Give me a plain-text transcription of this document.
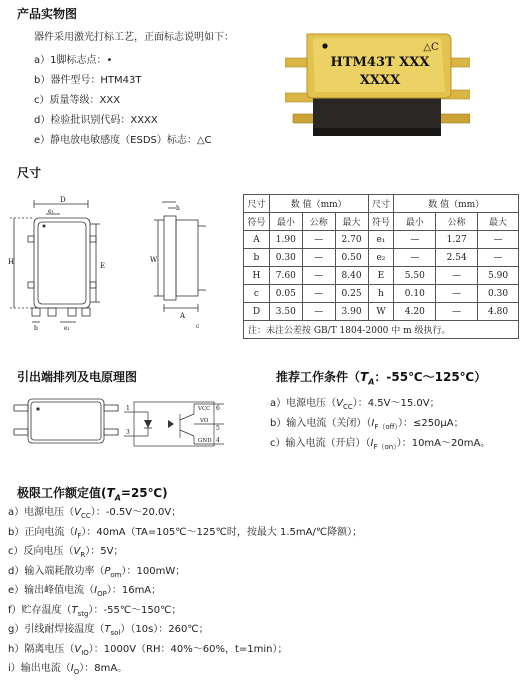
产品实物图
器件采用激光打标工艺，正面标志说明如下：
a）1脚标志点：•
b）器件型号：HTM43T
c）质量等级：XXX
d）检验批识别代码：XXXX
e）静电放电敏感度（ESDS）标志：△C
HTM43T XXX
XXXX
△C
尺寸
D
e₁
H	E
b	e₁
h
W
A
c
尺寸	数 值（mm）			尺寸	数 值（mm）		
符号	最小	公称	最大	符号	最小	公称	最大
A	1.90	—	2.70	e₁	—	1.27	—
b	0.30	—	0.50	e₂	—	2.54	—
H	7.60	—	8.40	E	5.50	—	5.90
c	0.05	—	0.25	h	0.10	—	0.30
D	3.50	—	3.90	W	4.20	—	4.80
注：未注公差按 GB/T 1804-2000 中 m 级执行。							
引出端排列及电原理图
1
3
6
5
4
VCC
VO
GND
推荐工作条件（$T_A$：-55℃～125℃）
a）电源电压$(V_{CC})$：4.5V～15.0V；
b）输入电流（关闭）$(I_{F(off)})$：≤250μA；
c）输入电流（开启）$(I_{F(on)})$：10mA～20mA。
极限工作额定值$(T_A=25℃)$
a）电源电压$(V_{CC})$：-0.5V～20.0V；
b）正向电流$(I_F)$：40mA（TA=105℃～125℃时，按最大 1.5mA/℃降额）；
c）反向电压$(V_R)$：5V；
d）输入端耗散功率$(P_{om})$：100mW；
e）输出峰值电流$(I_{OP})$：16mA；
f）贮存温度$(T_{stg})$：-55℃～150℃；
g）引线耐焊接温度$(T_{sol})(10s)$：260℃；
h）隔离电压$(V_{IO})$：1000V（RH：40%～60%，t=1min）；
i）输出电流$(I_O)$：8mA。
